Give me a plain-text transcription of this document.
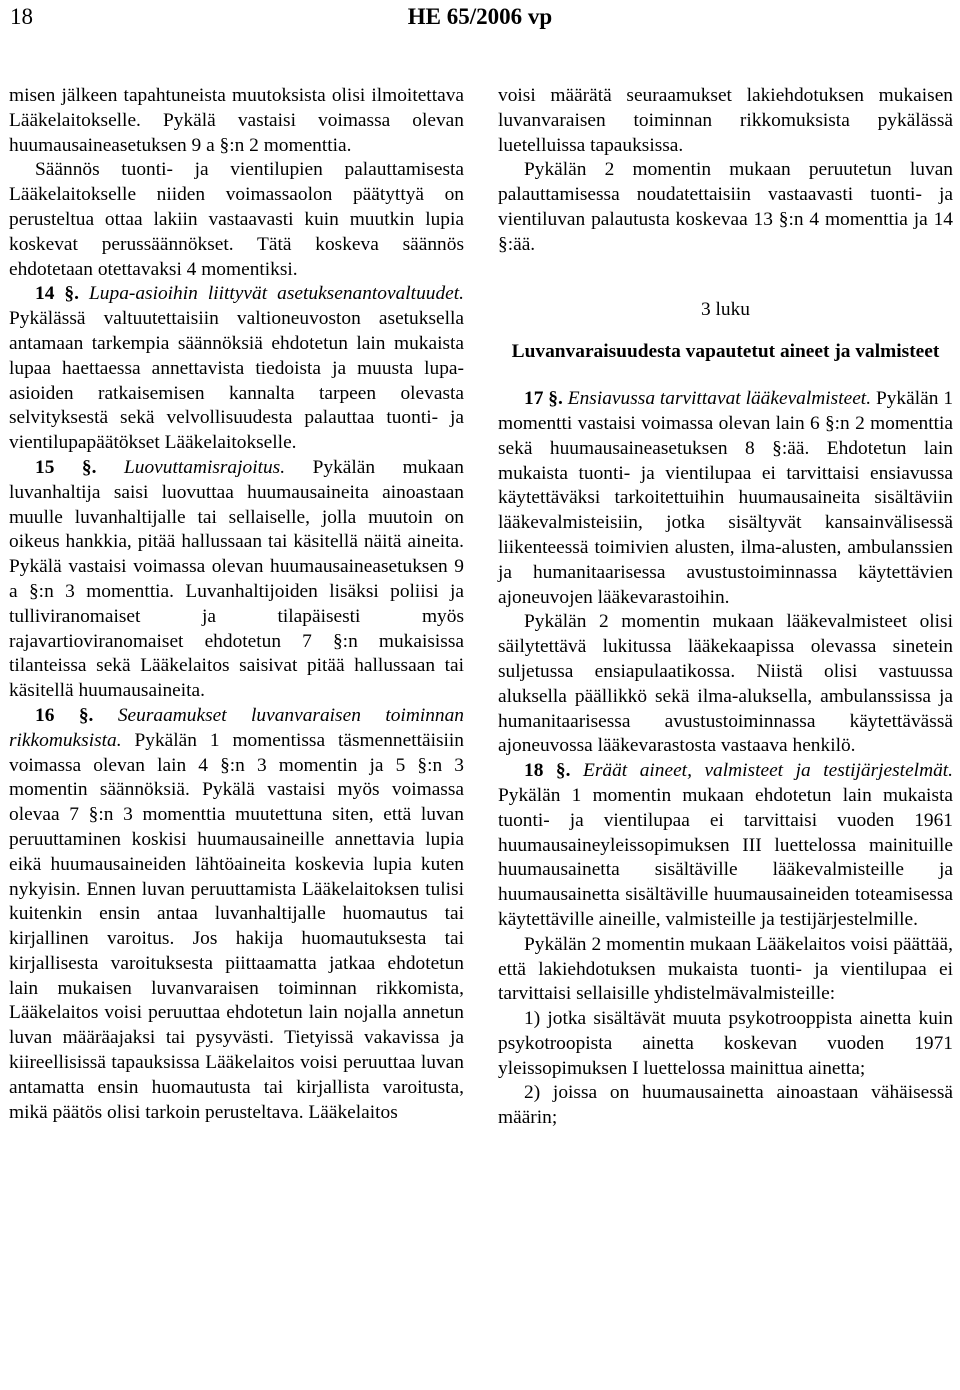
18	HE 65/2006 vp

misen jälkeen tapahtuneista muutoksista olisi ilmoitettava Lääkelaitokselle. Pykälä vastaisi voimassa olevan huumausaineasetuksen 9 a §:n 2 momenttia.

Säännös tuonti- ja vientilupien palauttamisesta Lääkelaitokselle niiden voimassaolon päätyttyä on perusteltua ottaa lakiin vastaavasti kuin muutkin lupia koskevat perussäännökset. Tätä koskeva säännös ehdotetaan otettavaksi 4 momentiksi.

14 §. Lupa-asioihin liittyvät asetuksenantovaltuudet. Pykälässä valtuutettaisiin valtioneuvoston asetuksella antamaan tarkempia säännöksiä ehdotetun lain mukaista lupaa haettaessa annettavista tiedoista ja muusta lupa-asioiden ratkaisemisen kannalta tarpeen olevasta selvityksestä sekä velvollisuudesta palauttaa tuonti- ja vientilupapäätökset Lääkelaitokselle.

15 §. Luovuttamisrajoitus. Pykälän mukaan luvanhaltija saisi luovuttaa huumausaineita ainoastaan muulle luvanhaltijalle tai sellaiselle, jolla muutoin on oikeus hankkia, pitää hallussaan tai käsitellä näitä aineita. Pykälä vastaisi voimassa olevan huumausaineasetuksen 9 a §:n 3 momenttia. Luvanhaltijoiden lisäksi poliisi ja tulliviranomaiset ja tilapäisesti myös rajavartioviranomaiset ehdotetun 7 §:n mukaisissa tilanteissa sekä Lääkelaitos saisivat pitää hallussaan tai käsitellä huumausaineita.

16 §. Seuraamukset luvanvaraisen toiminnan rikkomuksista. Pykälän 1 momentissa täsmennettäisiin voimassa olevan lain 4 §:n 3 momentin ja 5 §:n 3 momentin säännöksiä. Pykälä vastaisi myös voimassa olevaa 7 §:n 3 momenttia muutettuna siten, että luvan peruuttaminen koskisi huumausaineille annettavia lupia eikä huumausaineiden lähtöaineita koskevia lupia kuten nykyisin. Ennen luvan peruuttamista Lääkelaitoksen tulisi kuitenkin ensin antaa luvanhaltijalle huomautus tai kirjallinen varoitus. Jos hakija huomautuksesta tai kirjallisesta varoituksesta piittaamatta jatkaa ehdotetun lain mukaisen luvanvaraisen toiminnan rikkomista, Lääkelaitos voisi peruuttaa ehdotetun lain nojalla annetun luvan määräajaksi tai pysyvästi. Tietyissä vakavissa ja kiireellisissä tapauksissa Lääkelaitos voisi peruuttaa luvan antamatta ensin huomautusta tai kirjallista varoitusta, mikä päätös olisi tarkoin perusteltava. Lääkelaitos

voisi määrätä seuraamukset lakiehdotuksen mukaisen luvanvaraisen toiminnan rikkomuksista pykälässä luetelluissa tapauksissa.

Pykälän 2 momentin mukaan peruutetun luvan palauttamisessa noudatettaisiin vastaavasti tuonti- ja vientiluvan palautusta koskevaa 13 §:n 4 momenttia ja 14 §:ää.

3 luku

Luvanvaraisuudesta vapautetut aineet ja valmisteet

17 §. Ensiavussa tarvittavat lääkevalmisteet. Pykälän 1 momentti vastaisi voimassa olevan lain 6 §:n 2 momenttia sekä huumausaineasetuksen 8 §:ää. Ehdotetun lain mukaista tuonti- ja vientilupaa ei tarvittaisi ensiavussa käytettäväksi tarkoitettuihin huumausaineita sisältäviin lääkevalmisteisiin, jotka sisältyvät kansainvälisessä liikenteessä toimivien alusten, ilma-alusten, ambulanssien ja humanitaarisessa avustustoiminnassa käytettävien ajoneuvojen lääkevarastoihin.

Pykälän 2 momentin mukaan lääkevalmisteet olisi säilytettävä lukitussa lääkekaapissa olevassa sinetein suljetussa ensiapulaatikossa. Niistä olisi vastuussa aluksella päällikkö sekä ilma-aluksella, ambulanssissa ja humanitaarisessa avustustoiminnassa käytettävässä ajoneuvossa lääkevarastosta vastaava henkilö.

18 §. Eräät aineet, valmisteet ja testijärjestelmät. Pykälän 1 momentin mukaan ehdotetun lain mukaista tuonti- ja vientilupaa ei tarvittaisi vuoden 1961 huumausaineyleissopimuksen III luettelossa mainituille huumausainetta sisältäville lääkevalmisteille ja huumausainetta sisältäville huumausaineiden toteamisessa käytettäville aineille, valmisteille ja testijärjestelmille.

Pykälän 2 momentin mukaan Lääkelaitos voisi päättää, että lakiehdotuksen mukaista tuonti- ja vientilupaa ei tarvittaisi sellaisille yhdistelmävalmisteille:

1) jotka sisältävät muuta psykotrooppista ainetta kuin psykotroopista ainetta koskevan vuoden 1971 yleissopimuksen I luettelossa mainittua ainetta;

2) joissa on huumausainetta ainoastaan vähäisessä määrin;
